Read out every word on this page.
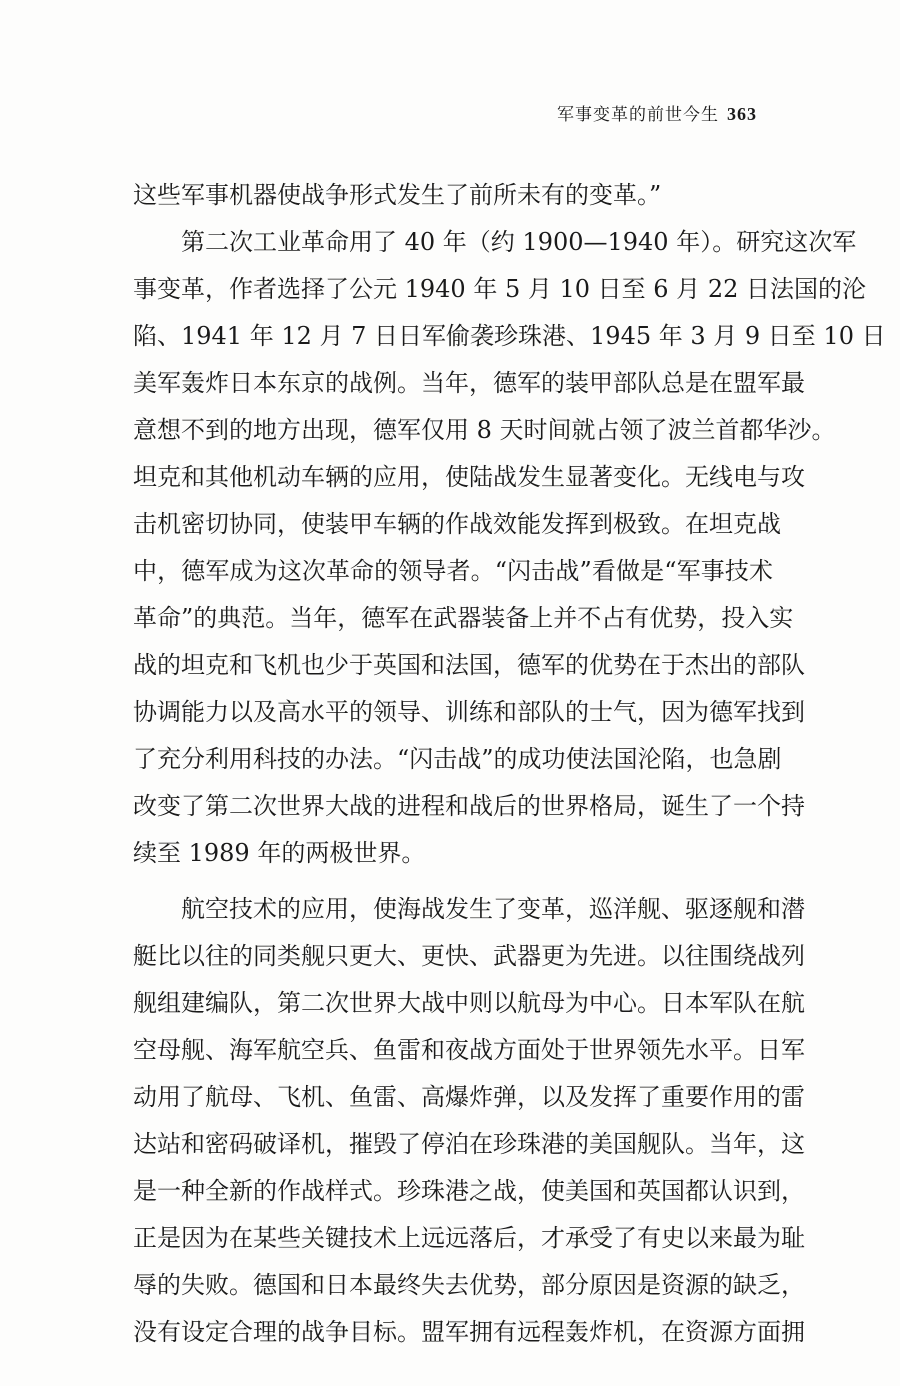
军事变革的前世今生 363
这些军事机器使战争形式发生了前所未有的变革。”
第二次工业革命用了 40 年（约 1900—1940 年）。研究这次军
事变革，作者选择了公元 1940 年 5 月 10 日至 6 月 22 日法国的沦
陷、1941 年 12 月 7 日日军偷袭珍珠港、1945 年 3 月 9 日至 10 日
美军轰炸日本东京的战例。当年，德军的装甲部队总是在盟军最
意想不到的地方出现，德军仅用 8 天时间就占领了波兰首都华沙。
坦克和其他机动车辆的应用，使陆战发生显著变化。无线电与攻
击机密切协同，使装甲车辆的作战效能发挥到极致。在坦克战
中，德军成为这次革命的领导者。“闪击战”看做是“军事技术
革命”的典范。当年，德军在武器装备上并不占有优势，投入实
战的坦克和飞机也少于英国和法国，德军的优势在于杰出的部队
协调能力以及高水平的领导、训练和部队的士气，因为德军找到
了充分利用科技的办法。“闪击战”的成功使法国沦陷，也急剧
改变了第二次世界大战的进程和战后的世界格局，诞生了一个持
续至 1989 年的两极世界。
航空技术的应用，使海战发生了变革，巡洋舰、驱逐舰和潜
艇比以往的同类舰只更大、更快、武器更为先进。以往围绕战列
舰组建编队，第二次世界大战中则以航母为中心。日本军队在航
空母舰、海军航空兵、鱼雷和夜战方面处于世界领先水平。日军
动用了航母、飞机、鱼雷、高爆炸弹，以及发挥了重要作用的雷
达站和密码破译机，摧毁了停泊在珍珠港的美国舰队。当年，这
是一种全新的作战样式。珍珠港之战，使美国和英国都认识到，
正是因为在某些关键技术上远远落后，才承受了有史以来最为耻
辱的失败。德国和日本最终失去优势，部分原因是资源的缺乏，
没有设定合理的战争目标。盟军拥有远程轰炸机，在资源方面拥
